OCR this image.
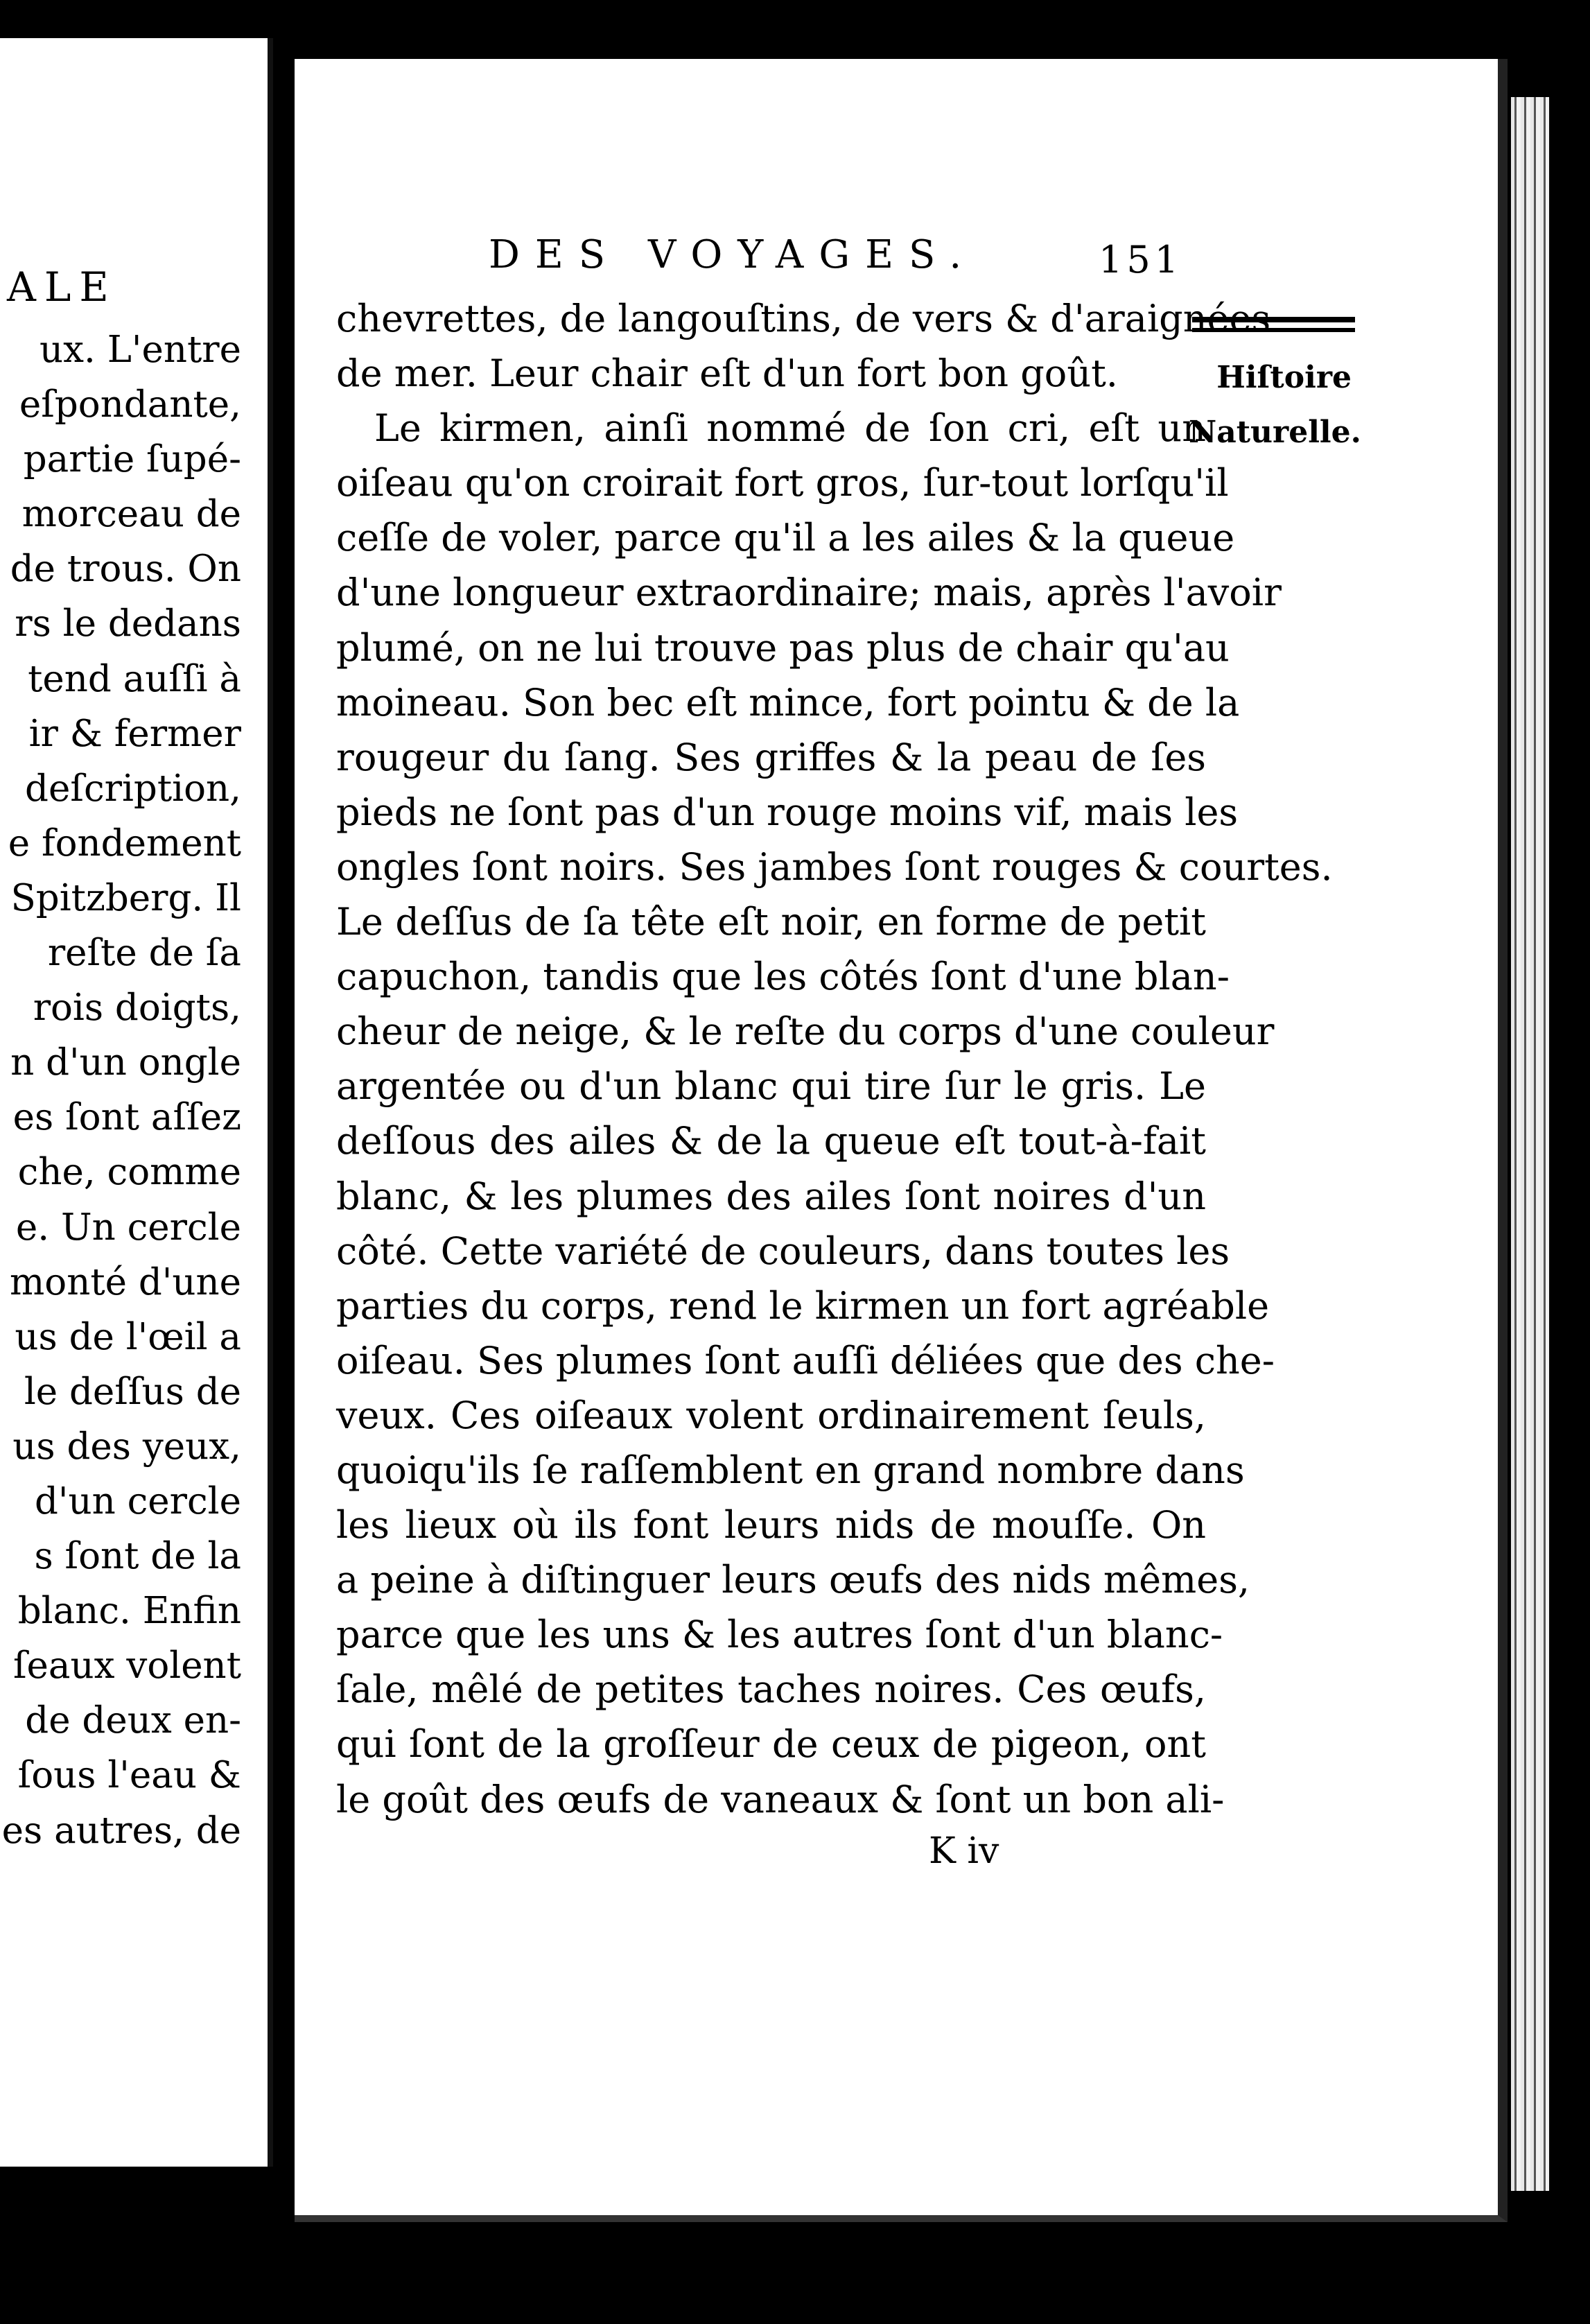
ALE
ux. L'entre
eſpondante,
partie ſupé-
morceau de
de trous. On
rs le dedans
tend auſſi à
ir & fermer
deſcription,
e fondement
Spitzberg. Il
reſte de ſa
rois doigts,
n d'un ongle
es ſont aſſez
che, comme
e. Un cercle
monté d'une
us de l'œil a
le deſſus de
us des yeux,
d'un cercle
s ſont de la
blanc. Enfin
ſeaux volent
de deux en-
ſous l'eau &
es autres, de
DES VOYAGES.	151
chevrettes, de langouſtins, de vers & d'araignées
de mer. Leur chair eſt d'un fort bon goût.
Le kirmen, ainſi nommé de ſon cri, eſt un
oiſeau qu'on croirait fort gros, ſur-tout lorſqu'il
ceſſe de voler, parce qu'il a les ailes & la queue
d'une longueur extraordinaire; mais, après l'avoir
plumé, on ne lui trouve pas plus de chair qu'au
moineau. Son bec eſt mince, fort pointu & de la
rougeur du ſang. Ses griffes & la peau de ſes
pieds ne ſont pas d'un rouge moins vif, mais les
ongles ſont noirs. Ses jambes ſont rouges & courtes.
Le deſſus de ſa tête eſt noir, en forme de petit
capuchon, tandis que les côtés ſont d'une blan-
cheur de neige, & le reſte du corps d'une couleur
argentée ou d'un blanc qui tire ſur le gris. Le
deſſous des ailes & de la queue eſt tout-à-fait
blanc, & les plumes des ailes ſont noires d'un
côté. Cette variété de couleurs, dans toutes les
parties du corps, rend le kirmen un fort agréable
oiſeau. Ses plumes ſont auſſi déliées que des che-
veux. Ces oiſeaux volent ordinairement ſeuls,
quoiqu'ils ſe raſſemblent en grand nombre dans
les lieux où ils font leurs nids de mouſſe. On
a peine à diſtinguer leurs œufs des nids mêmes,
parce que les uns & les autres ſont d'un blanc-
ſale, mêlé de petites taches noires. Ces œufs,
qui ſont de la groſſeur de ceux de pigeon, ont
le goût des œufs de vaneaux & ſont un bon ali-
Hiſtoire
Naturelle.
K iv
